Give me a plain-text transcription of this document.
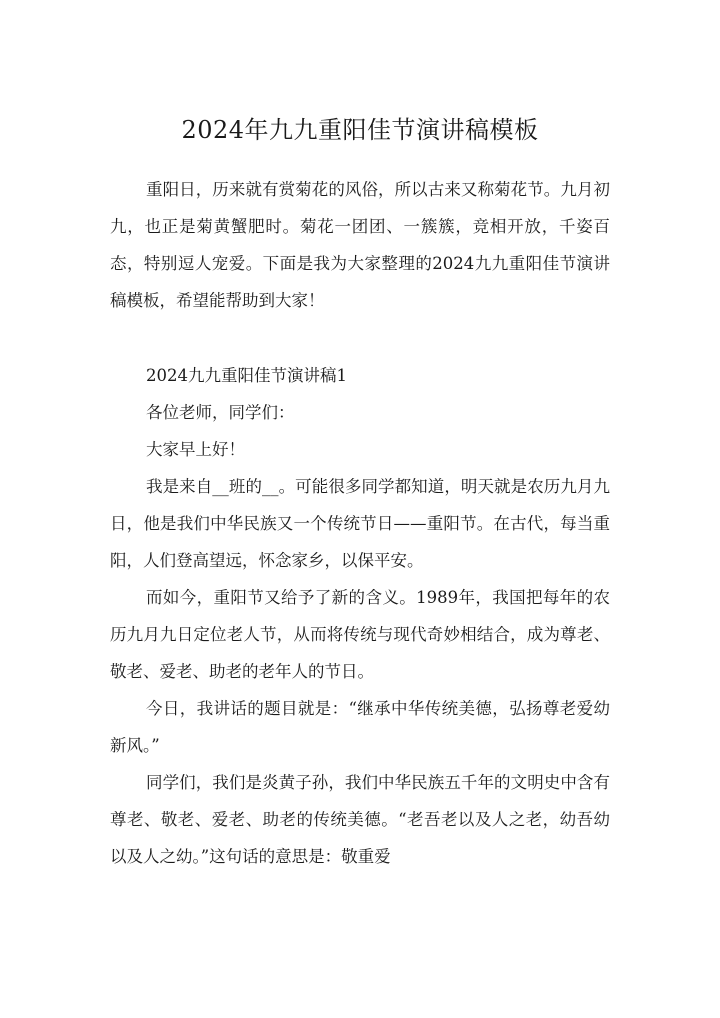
2024年九九重阳佳节演讲稿模板

重阳日，历来就有赏菊花的风俗，所以古来又称菊花节。九月初九，也正是菊黄蟹肥时。菊花一团团、一簇簇，竞相开放，千姿百态，特别逗人宠爱。下面是我为大家整理的2024九九重阳佳节演讲稿模板，希望能帮助到大家！

2024九九重阳佳节演讲稿1

各位老师，同学们：

大家早上好！

我是来自__班的__。可能很多同学都知道，明天就是农历九月九日，他是我们中华民族又一个传统节日——重阳节。在古代，每当重阳，人们登高望远，怀念家乡，以保平安。

而如今，重阳节又给予了新的含义。1989年，我国把每年的农历九月九日定位老人节，从而将传统与现代奇妙相结合，成为尊老、敬老、爱老、助老的老年人的节日。

今日，我讲话的题目就是：“继承中华传统美德，弘扬尊老爱幼新风。”

同学们，我们是炎黄子孙，我们中华民族五千年的文明史中含有尊老、敬老、爱老、助老的传统美德。“老吾老以及人之老，幼吾幼以及人之幼。”这句话的意思是：敬重爱
